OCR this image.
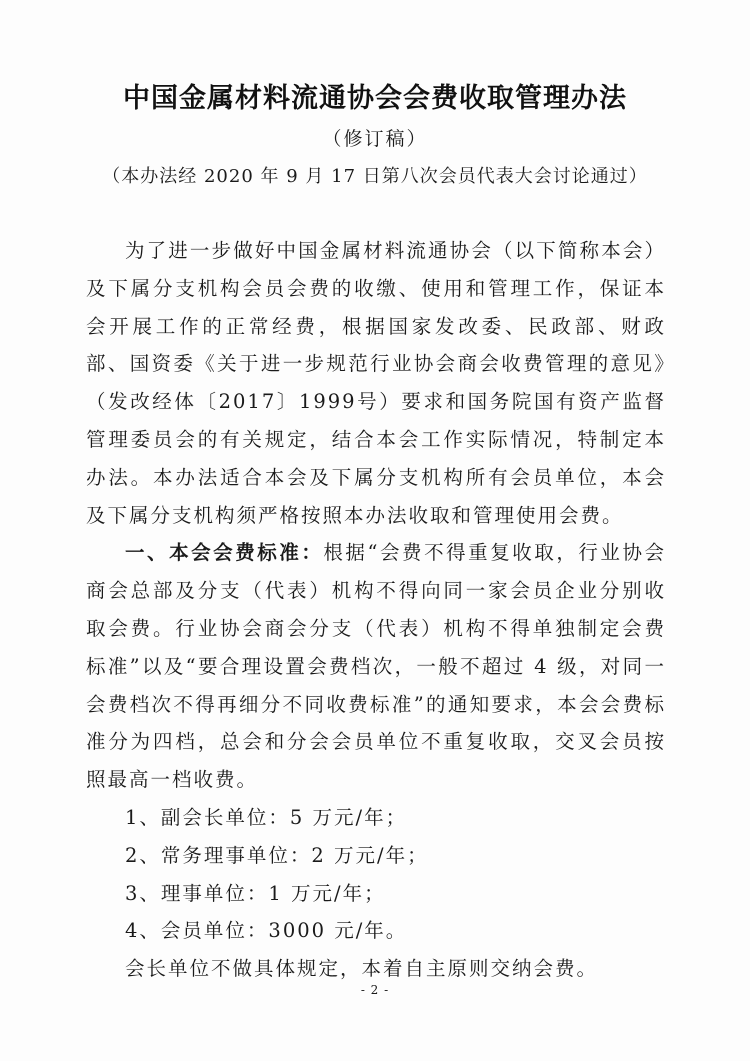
中国金属材料流通协会会费收取管理办法
（修订稿）
（本办法经 2020 年 9 月 17 日第八次会员代表大会讨论通过）

为了进一步做好中国金属材料流通协会（以下简称本会）及下属分支机构会员会费的收缴、使用和管理工作，保证本会开展工作的正常经费，根据国家发改委、民政部、财政部、国资委《关于进一步规范行业协会商会收费管理的意见》（发改经体〔2017〕1999号）要求和国务院国有资产监督管理委员会的有关规定，结合本会工作实际情况，特制定本办法。本办法适合本会及下属分支机构所有会员单位，本会及下属分支机构须严格按照本办法收取和管理使用会费。

一、本会会费标准：根据“会费不得重复收取，行业协会商会总部及分支（代表）机构不得向同一家会员企业分别收取会费。行业协会商会分支（代表）机构不得单独制定会费标准”以及“要合理设置会费档次，一般不超过 4 级，对同一会费档次不得再细分不同收费标准”的通知要求，本会会费标准分为四档，总会和分会会员单位不重复收取，交叉会员按照最高一档收费。

1、副会长单位：5 万元/年；

2、常务理事单位：2 万元/年；

3、理事单位：1 万元/年；

4、会员单位：3000 元/年。

会长单位不做具体规定，本着自主原则交纳会费。

- 2 -
